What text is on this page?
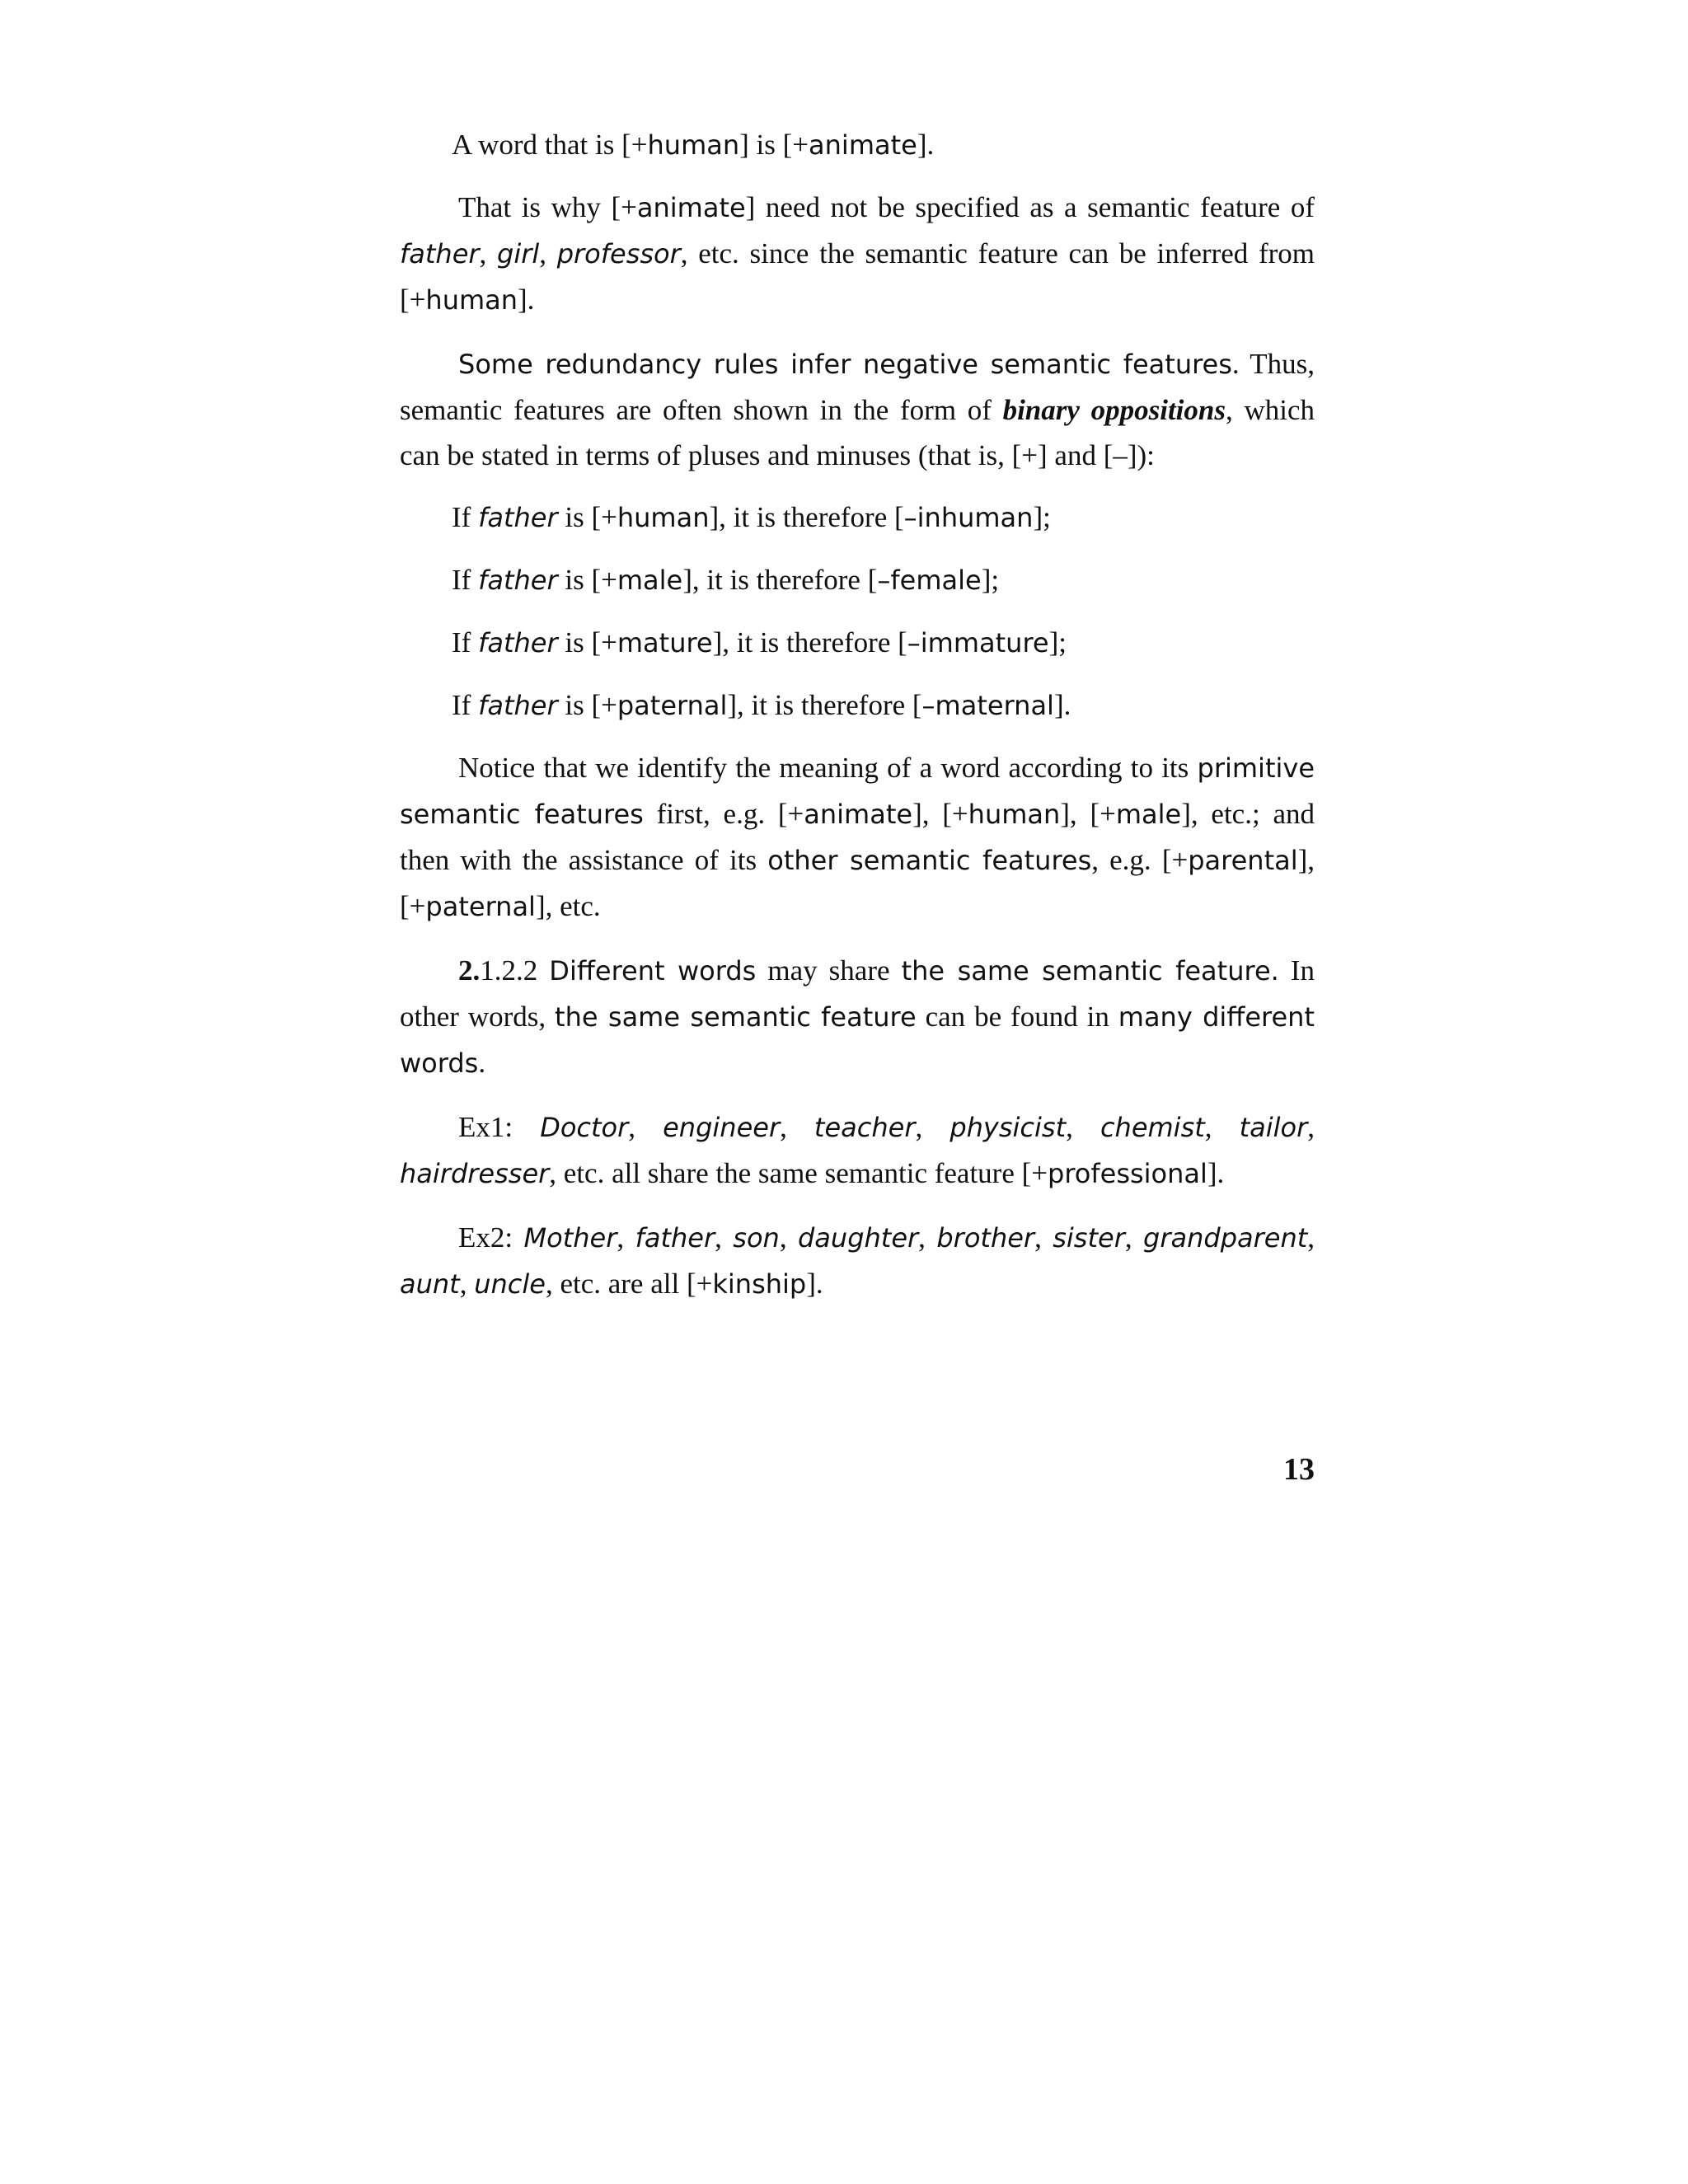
A word that is [+human] is [+animate].

That is why [+animate] need not be specified as a semantic feature of father, girl, professor, etc. since the semantic feature can be inferred from [+human].

Some redundancy rules infer negative semantic features. Thus, semantic features are often shown in the form of binary oppositions, which can be stated in terms of pluses and minuses (that is, [+] and [–]):

If father is [+human], it is therefore [–inhuman];

If father is [+male], it is therefore [–female];

If father is [+mature], it is therefore [–immature];

If father is [+paternal], it is therefore [–maternal].

Notice that we identify the meaning of a word according to its primitive semantic features first, e.g. [+animate], [+human], [+male], etc.; and then with the assistance of its other semantic features, e.g. [+parental], [+paternal], etc.

2.1.2.2 Different words may share the same semantic feature. In other words, the same semantic feature can be found in many different words.

Ex1: Doctor, engineer, teacher, physicist, chemist, tailor, hairdresser, etc. all share the same semantic feature [+professional].

Ex2: Mother, father, son, daughter, brother, sister, grandparent, aunt, uncle, etc. are all [+kinship].

13
